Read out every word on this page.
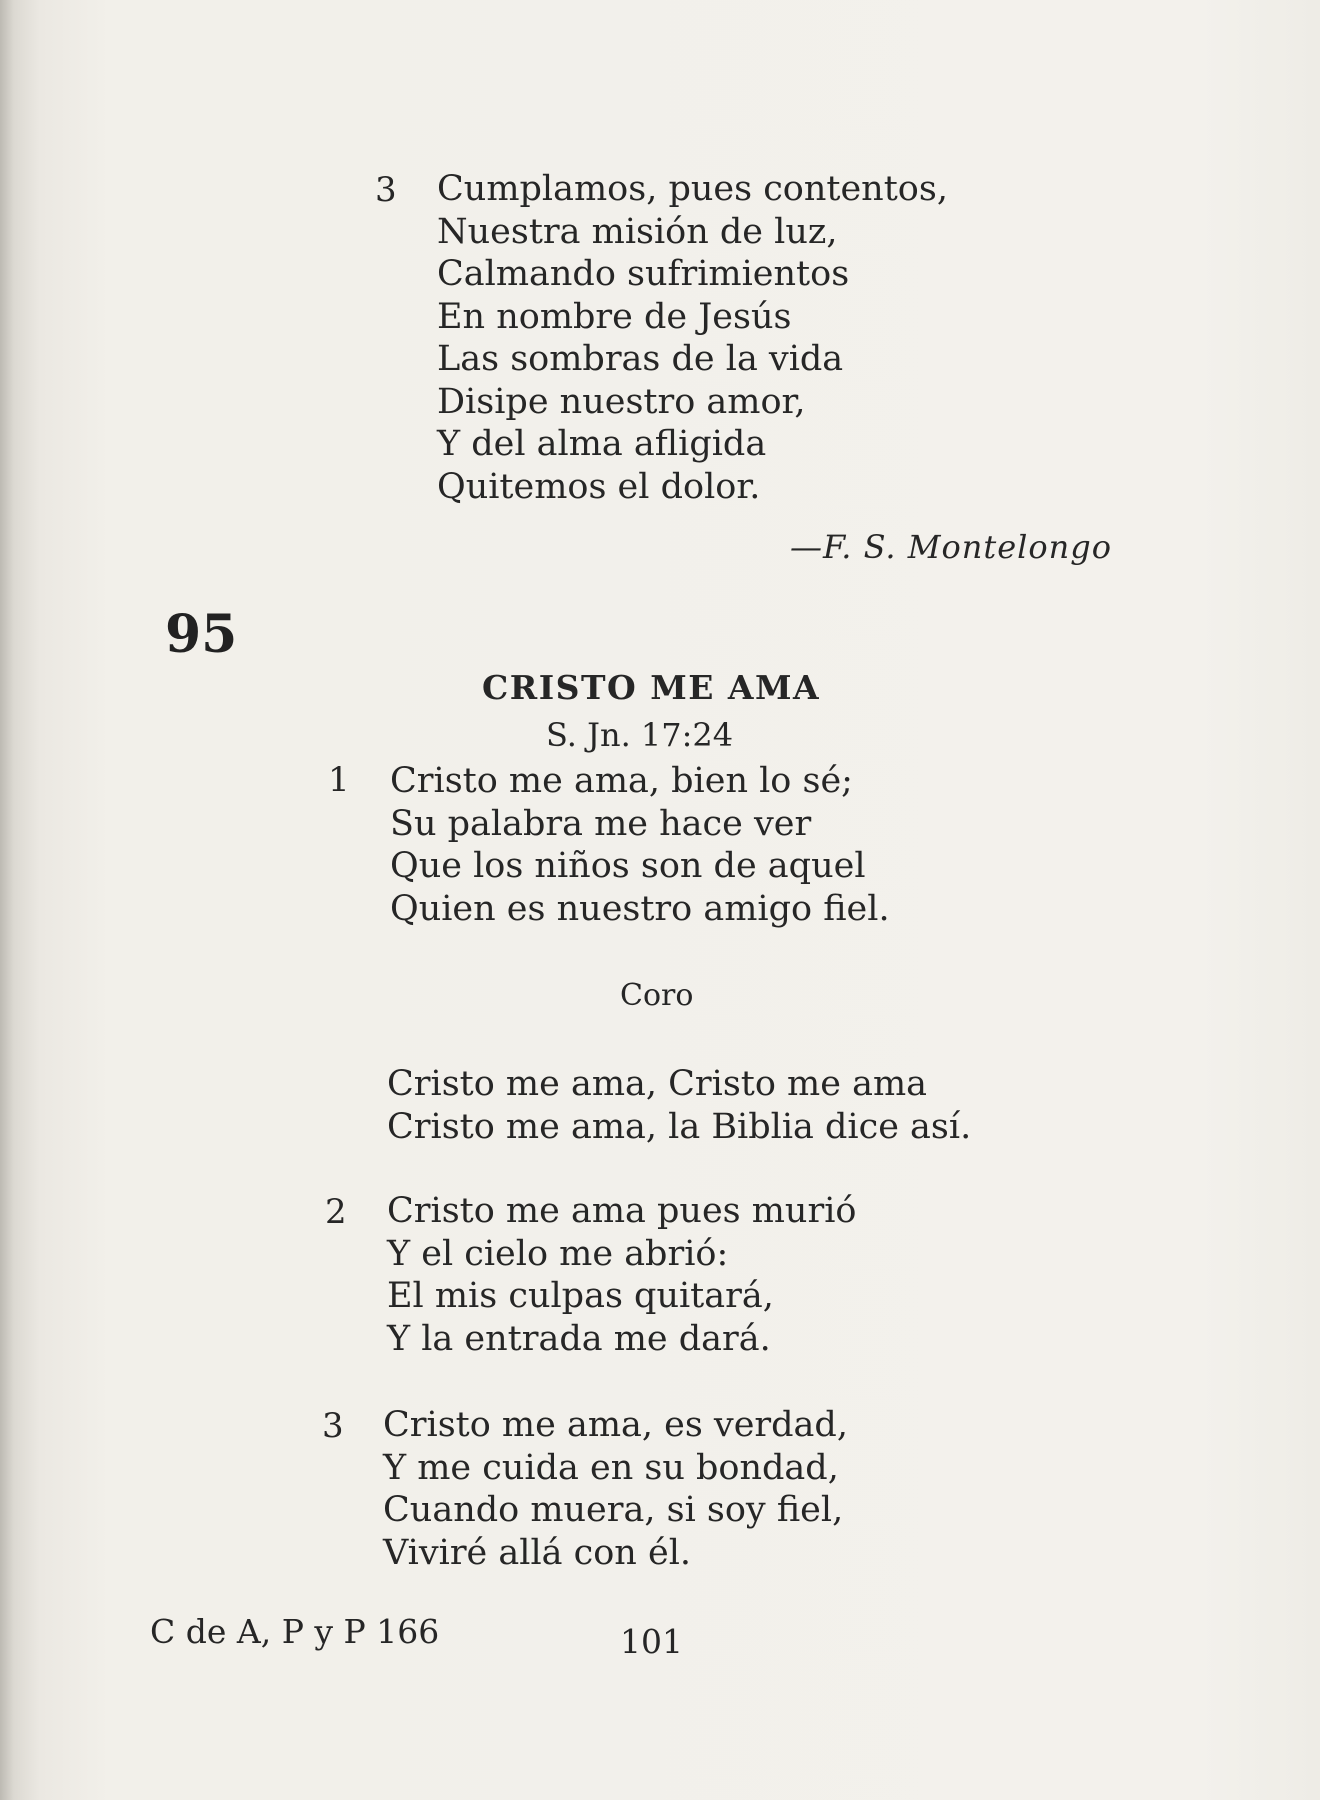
3 Cumplamos, pues contentos,
Nuestra misión de luz,
Calmando sufrimientos
En nombre de Jesús
Las sombras de la vida
Disipe nuestro amor,
Y del alma afligida
Quitemos el dolor.
—F. S. Montelongo
95
CRISTO ME AMA
S. Jn. 17:24
1 Cristo me ama, bien lo sé;
Su palabra me hace ver
Que los niños son de aquel
Quien es nuestro amigo fiel.
Coro
Cristo me ama, Cristo me ama
Cristo me ama, la Biblia dice así.
2 Cristo me ama pues murió
Y el cielo me abrió:
El mis culpas quitará,
Y la entrada me dará.
3 Cristo me ama, es verdad,
Y me cuida en su bondad,
Cuando muera, si soy fiel,
Viviré allá con él.
C de A, P y P 166	101
